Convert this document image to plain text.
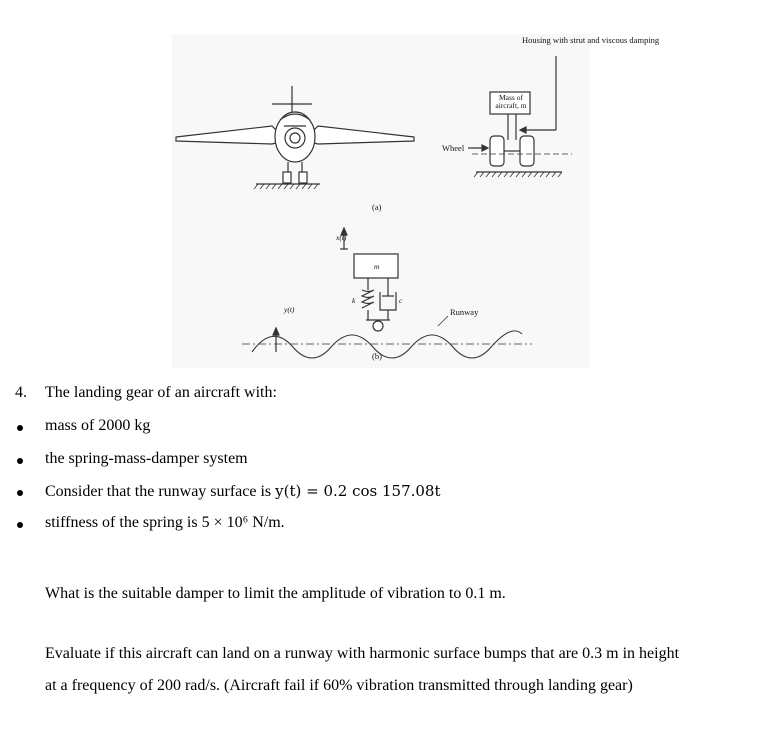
Housing with strut and viscous damping
Mass of aircraft, m
Wheel
(a)
x(t)
m
k	c
y(t)	Runway
(b)
4. The landing gear of an aircraft with:
mass of 2000 kg
the spring-mass-damper system
Consider that the runway surface is y(t) = 0.2 cos 157.08t
stiffness of the spring is 5 × 10⁶ N/m.
What is the suitable damper to limit the amplitude of vibration to 0.1 m.
Evaluate if this aircraft can land on a runway with harmonic surface bumps that are 0.3 m in height
at a frequency of 200 rad/s. (Aircraft fail if 60% vibration transmitted through landing gear)
